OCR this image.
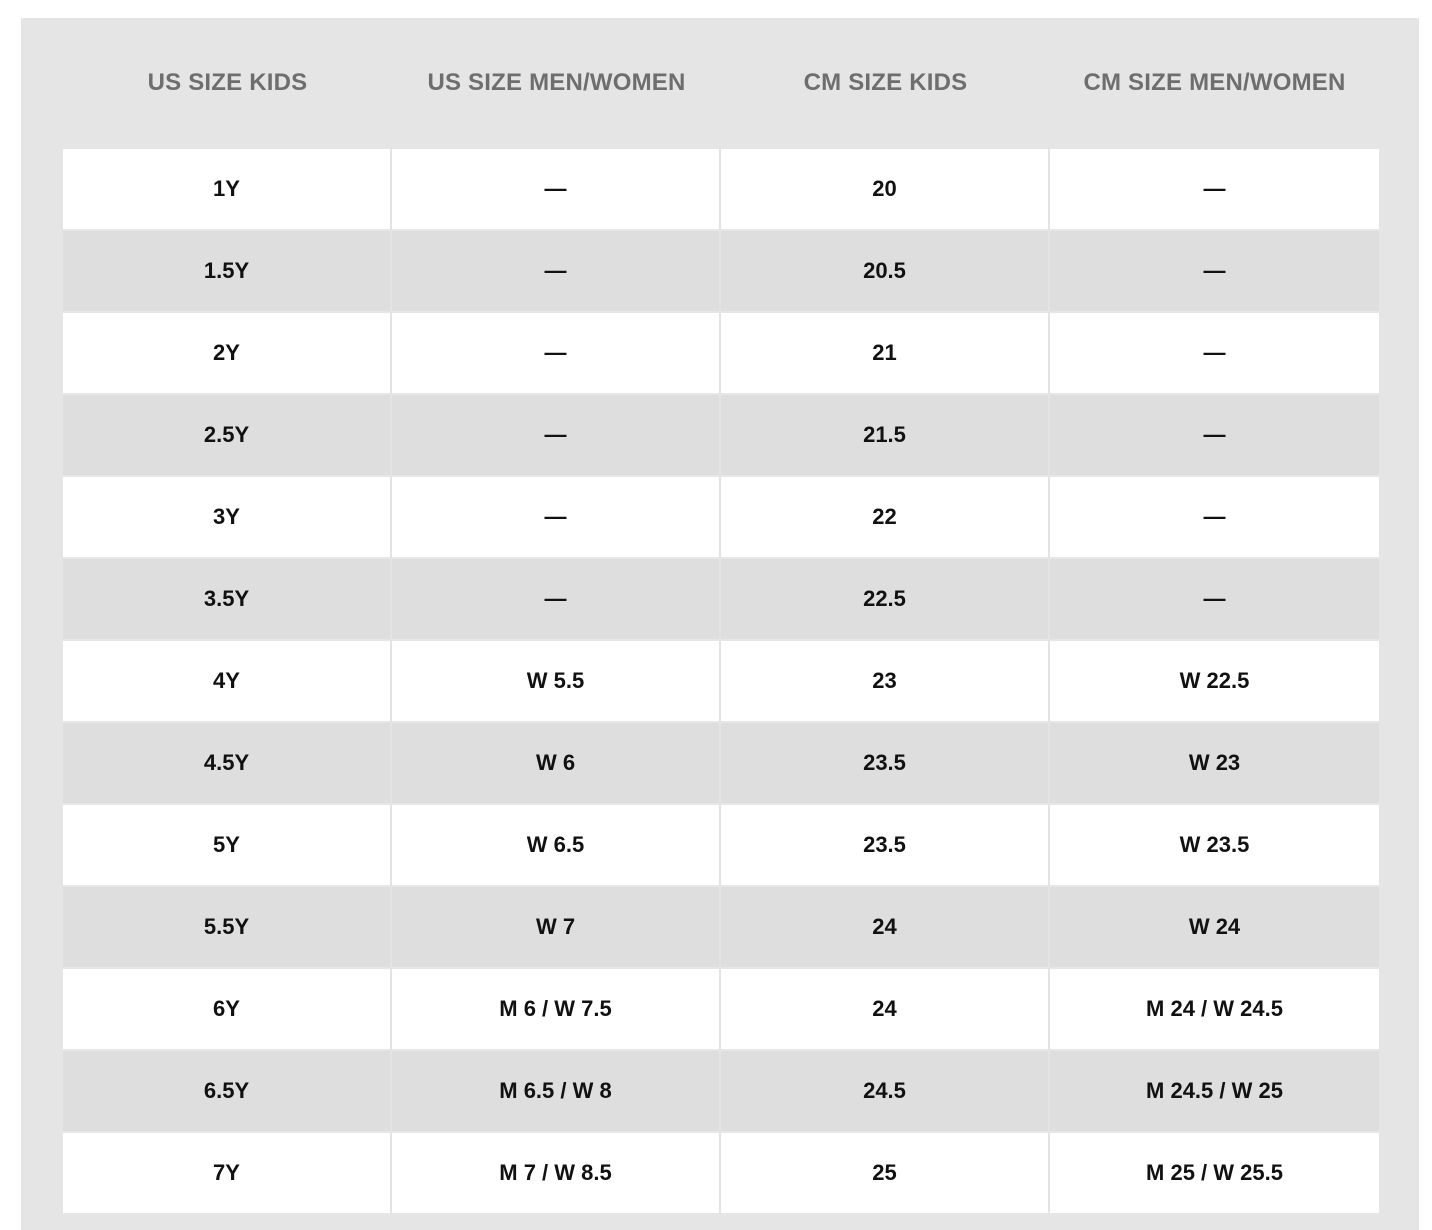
US SIZE KIDS	US SIZE MEN/WOMEN	CM SIZE KIDS	CM SIZE MEN/WOMEN
1Y	—	20	—
1.5Y	—	20.5	—
2Y	—	21	—
2.5Y	—	21.5	—
3Y	—	22	—
3.5Y	—	22.5	—
4Y	W 5.5	23	W 22.5
4.5Y	W 6	23.5	W 23
5Y	W 6.5	23.5	W 23.5
5.5Y	W 7	24	W 24
6Y	M 6 / W 7.5	24	M 24 / W 24.5
6.5Y	M 6.5 / W 8	24.5	M 24.5 / W 25
7Y	M 7 / W 8.5	25	M 25 / W 25.5
